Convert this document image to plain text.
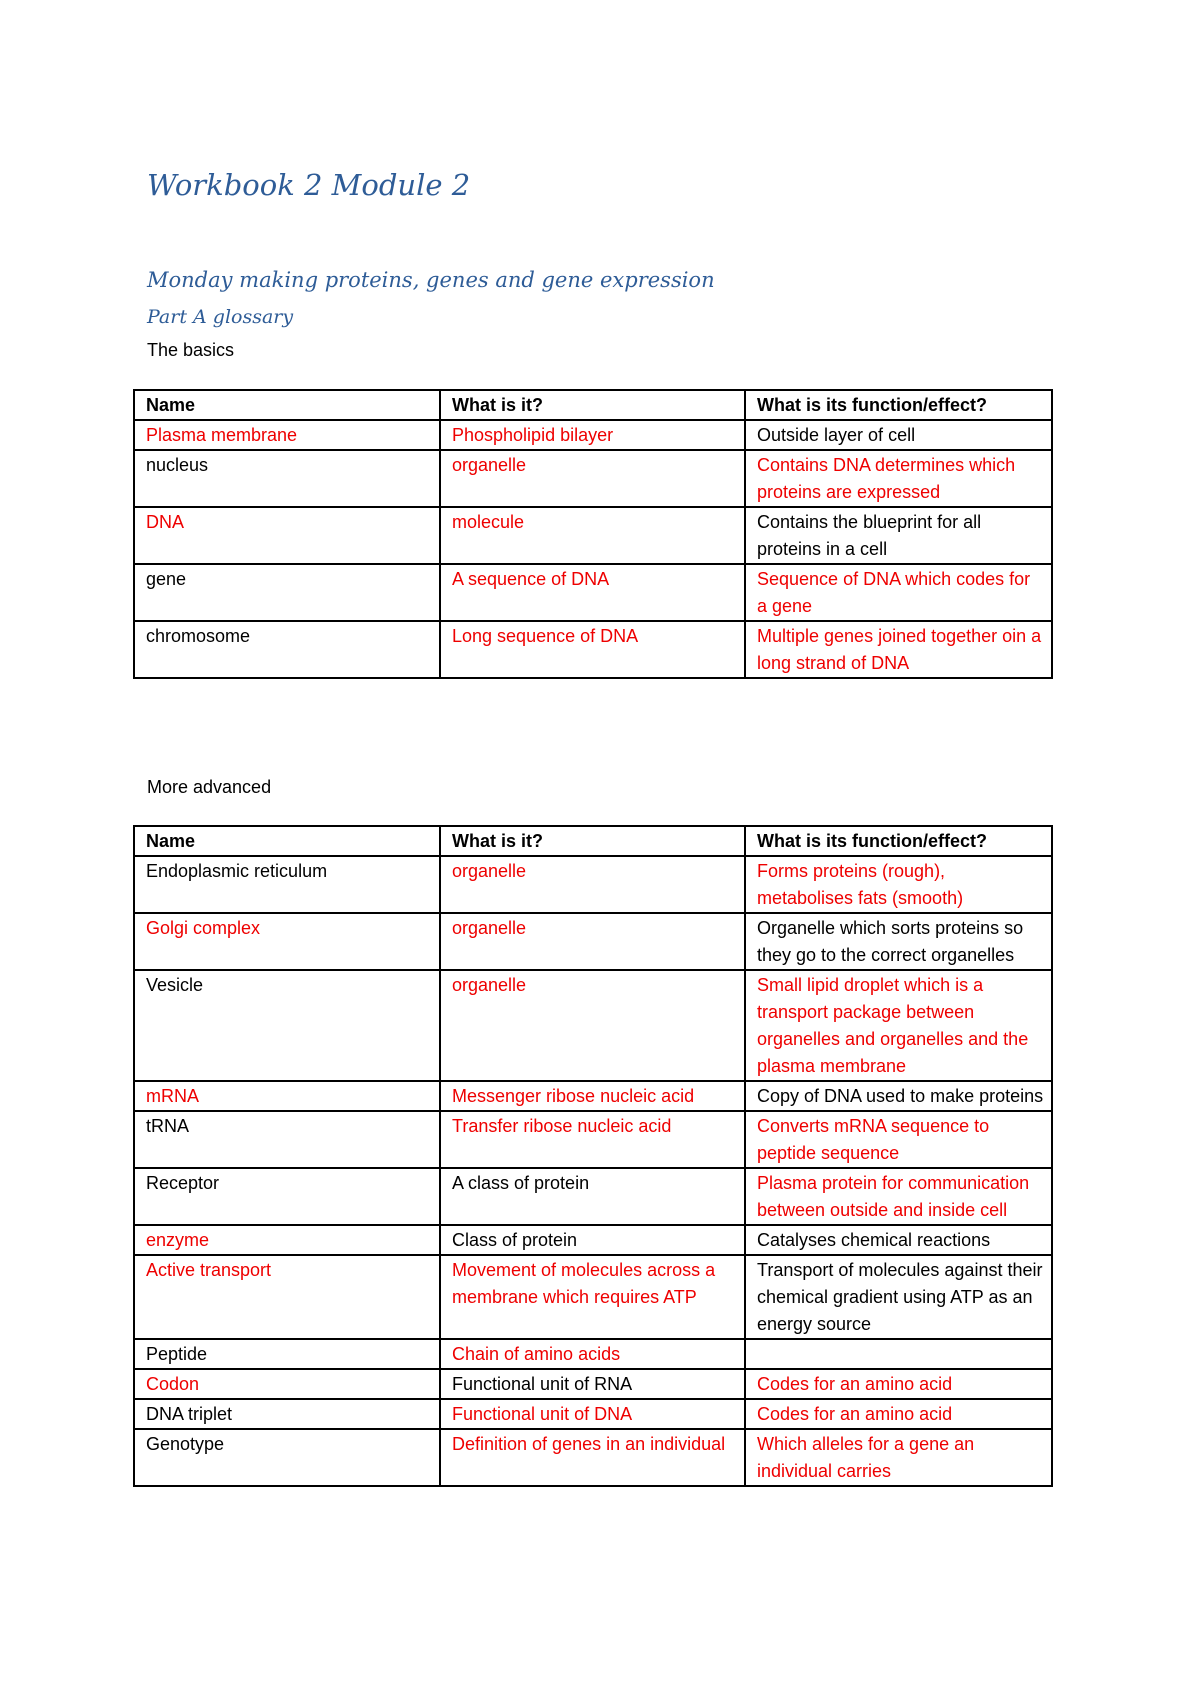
Workbook 2 Module 2
Monday making proteins, genes and gene expression
Part A glossary

The basics

Name	What is it?	What is its function/effect?
Plasma membrane	Phospholipid bilayer	Outside layer of cell
nucleus	organelle	Contains DNA determines which proteins are expressed
DNA	molecule	Contains the blueprint for all proteins in a cell
gene	A sequence of DNA	Sequence of DNA which codes for a gene
chromosome	Long sequence of DNA	Multiple genes joined together oin a long strand of DNA

More advanced

Name	What is it?	What is its function/effect?
Endoplasmic reticulum	organelle	Forms proteins (rough), metabolises fats (smooth)
Golgi complex	organelle	Organelle which sorts proteins so they go to the correct organelles
Vesicle	organelle	Small lipid droplet which is a transport package between organelles and organelles and the plasma membrane
mRNA	Messenger ribose nucleic acid	Copy of DNA used to make proteins
tRNA	Transfer ribose nucleic acid	Converts mRNA sequence to peptide sequence
Receptor	A class of protein	Plasma protein for communication between outside and inside cell
enzyme	Class of protein	Catalyses chemical reactions
Active transport	Movement of molecules across a membrane which requires ATP	Transport of molecules against their chemical gradient using ATP as an energy source
Peptide	Chain of amino acids	
Codon	Functional unit of RNA	Codes for an amino acid
DNA triplet	Functional unit of DNA	Codes for an amino acid
Genotype	Definition of genes in an individual	Which alleles for a gene an individual carries
